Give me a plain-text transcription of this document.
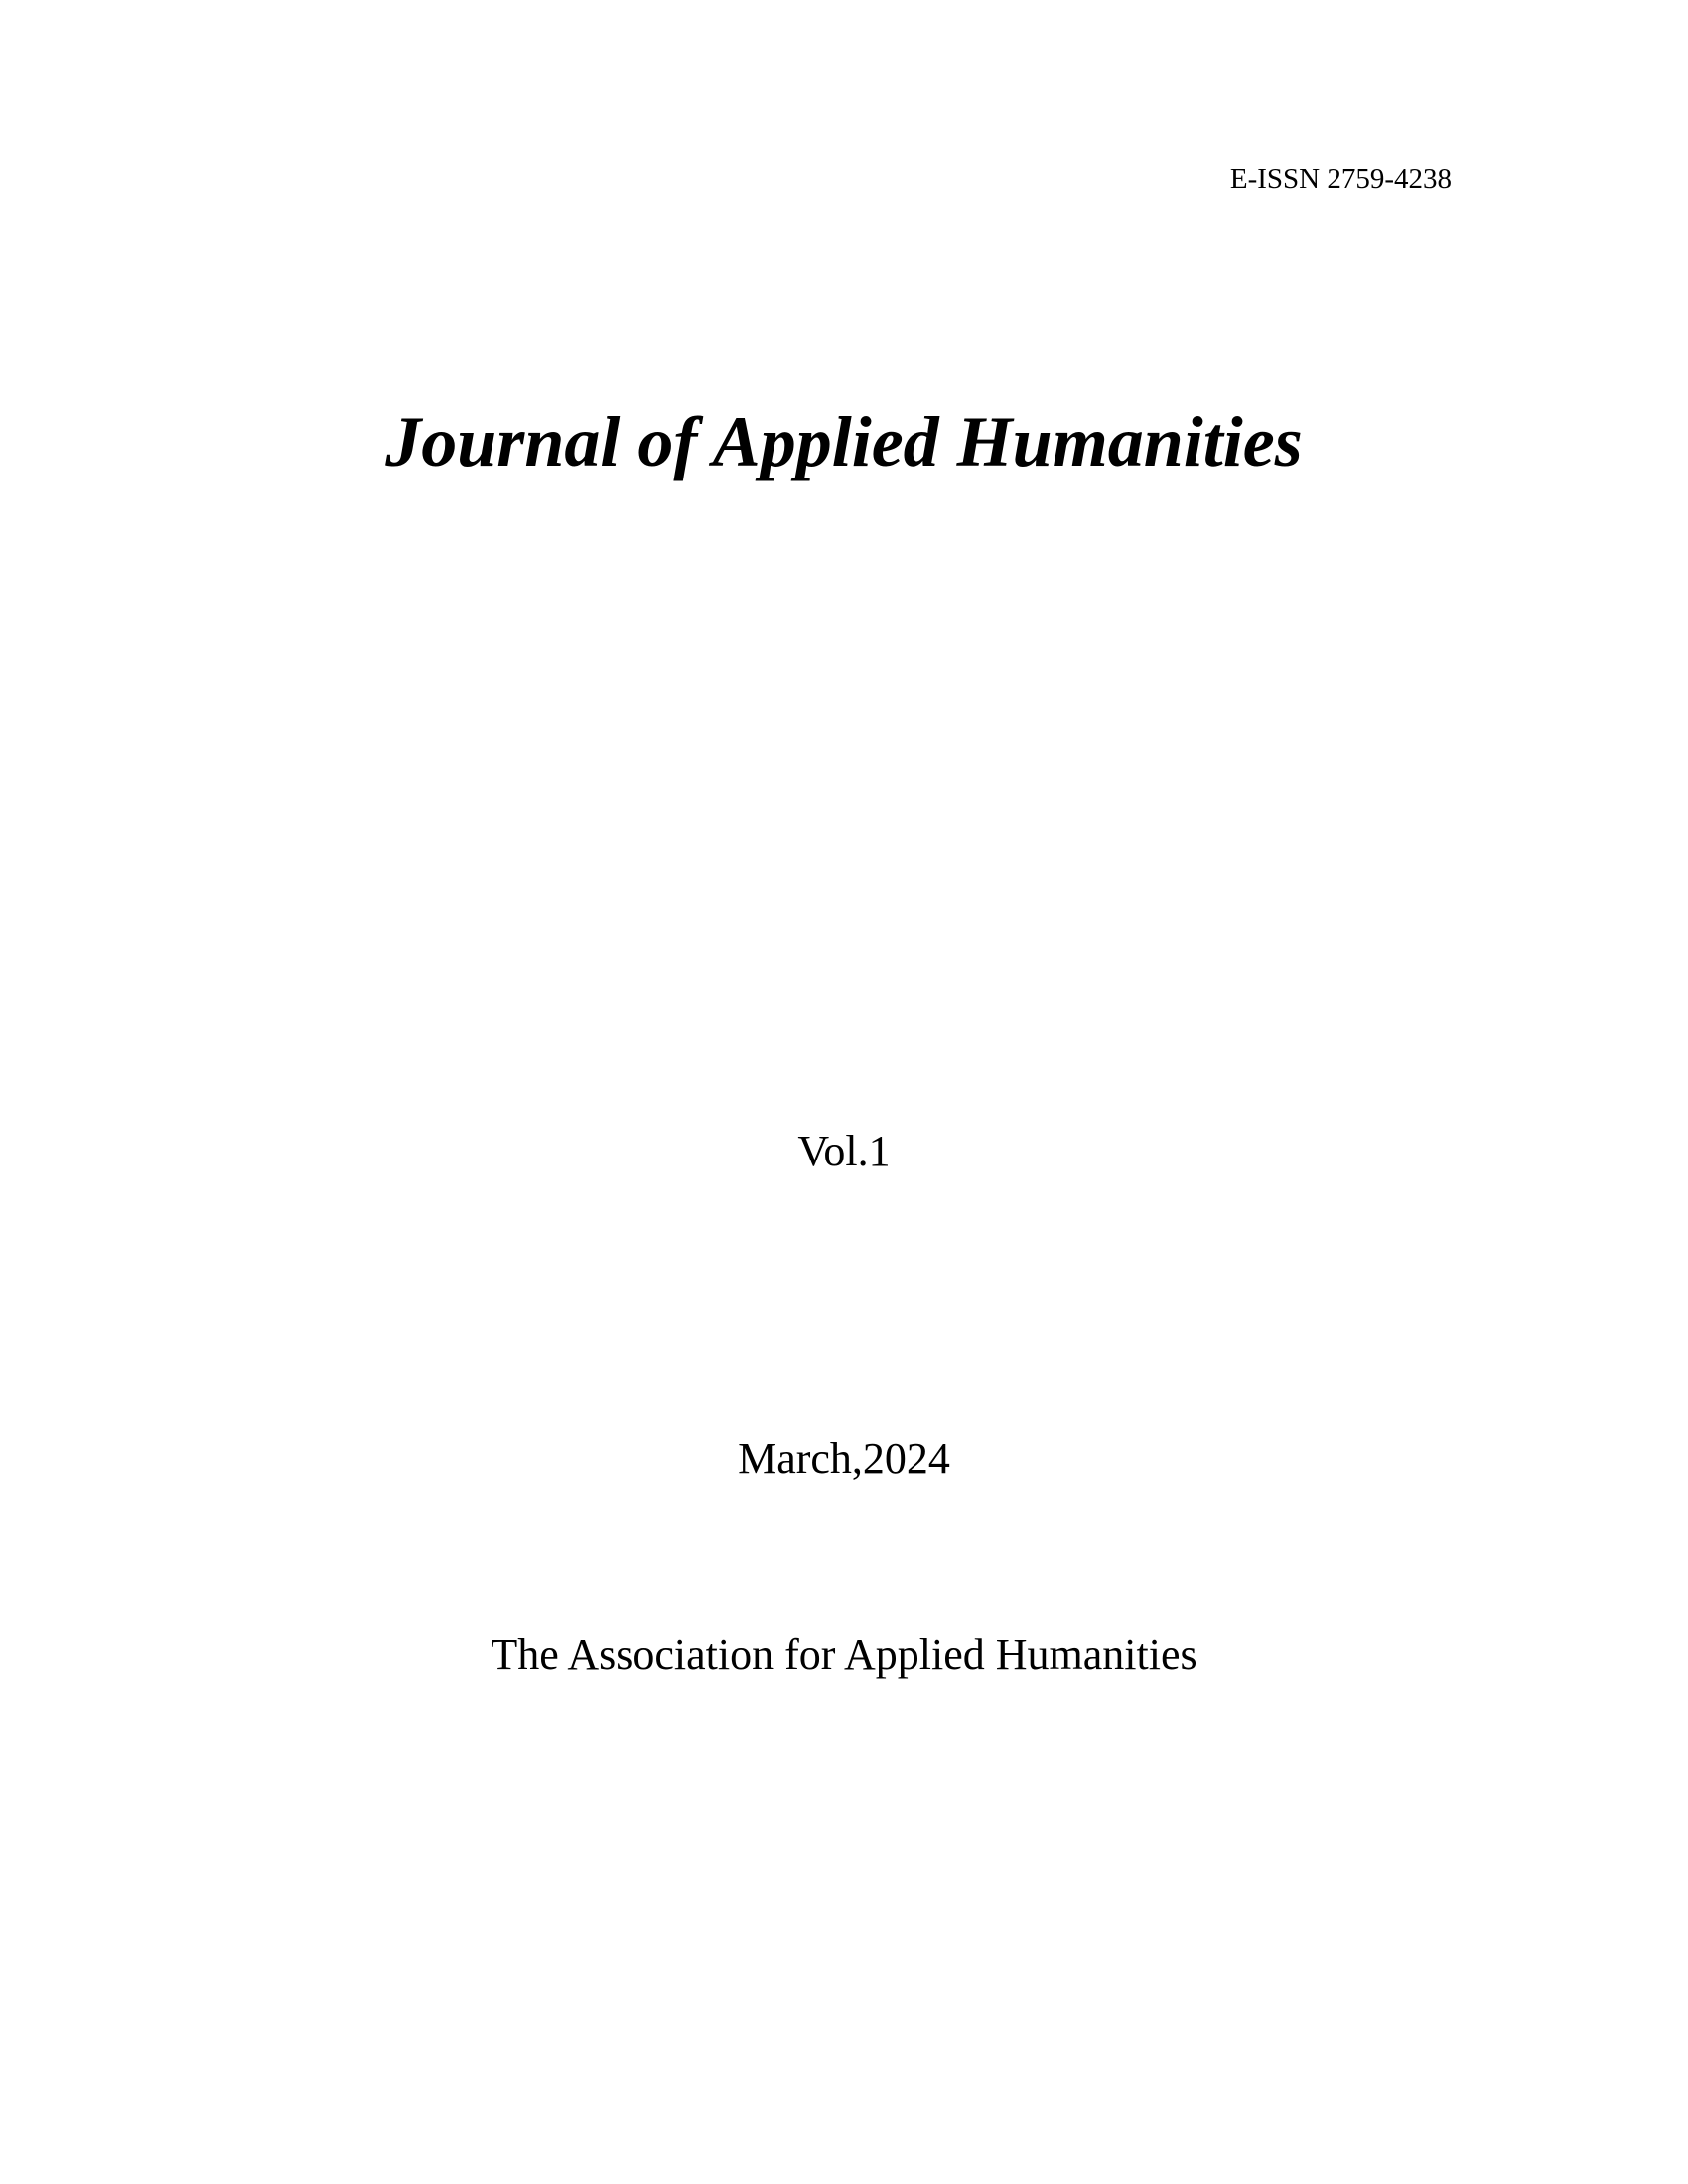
E-ISSN 2759-4238
Journal of Applied Humanities
Vol.1
March,2024
The Association for Applied Humanities
